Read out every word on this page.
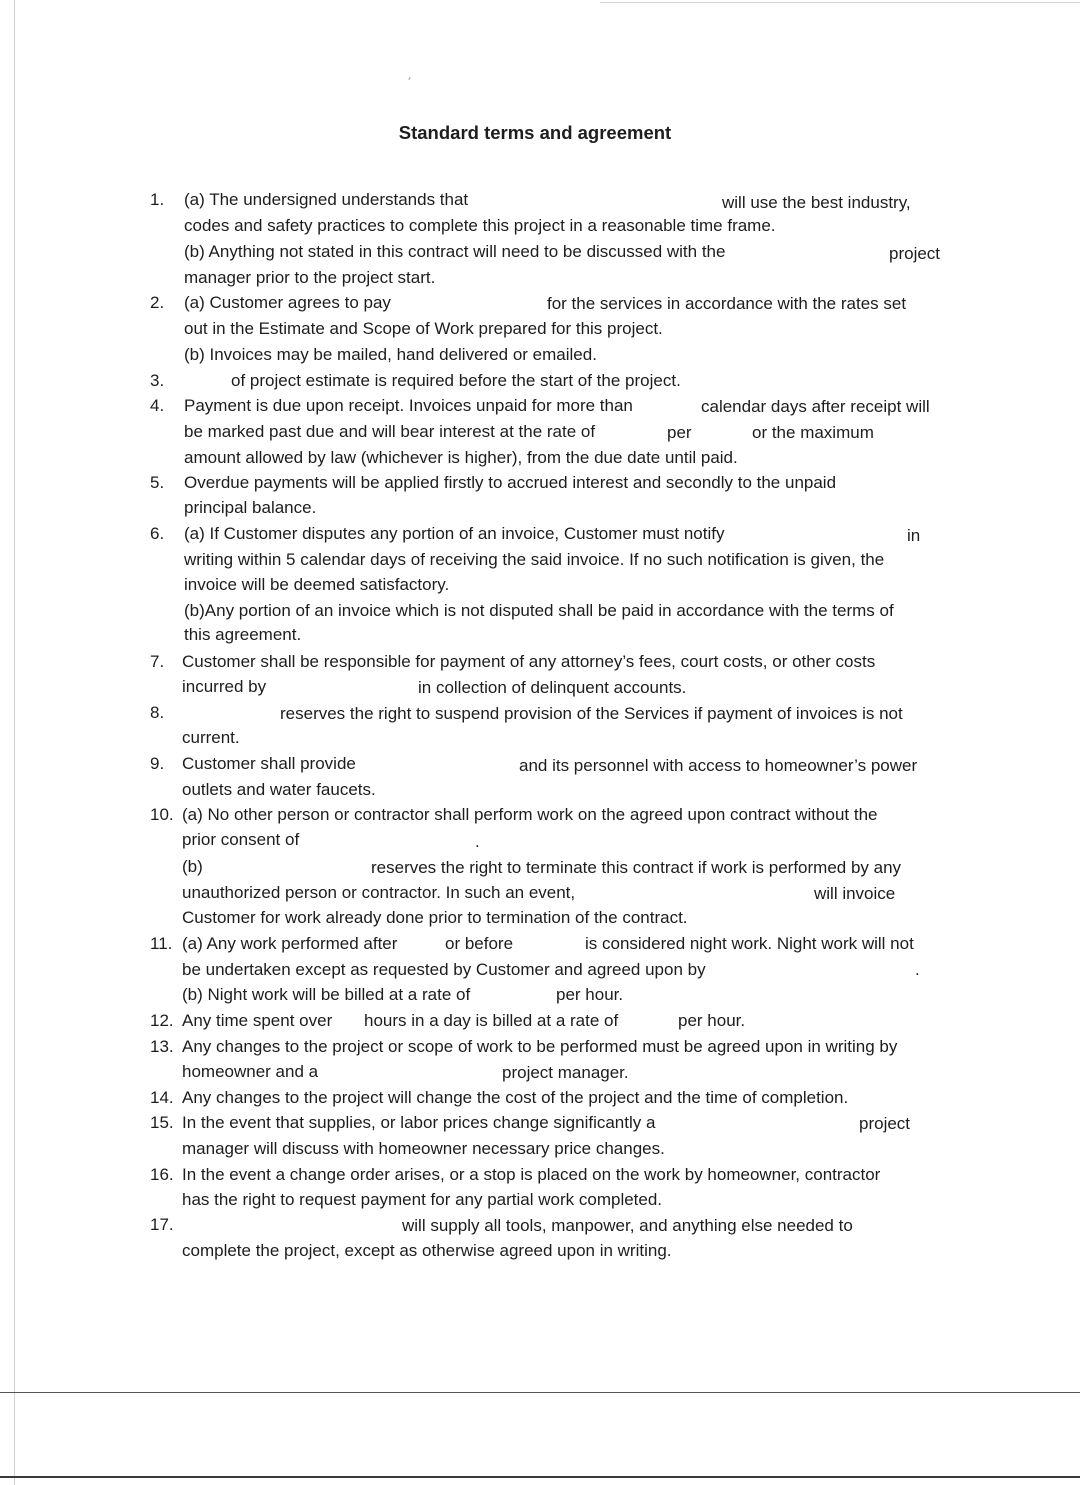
Standard terms and agreement
1. (a) The undersigned understands that	will use the best industry,
codes and safety practices to complete this project in a reasonable time frame.
(b) Anything not stated in this contract will need to be discussed with the	project
manager prior to the project start.
2. (a) Customer agrees to pay	for the services in accordance with the rates set
out in the Estimate and Scope of Work prepared for this project.
(b) Invoices may be mailed, hand delivered or emailed.
3.	of project estimate is required before the start of the project.
4. Payment is due upon receipt. Invoices unpaid for more than	calendar days after receipt will
be marked past due and will bear interest at the rate of	per	or the maximum
amount allowed by law (whichever is higher), from the due date until paid.
5. Overdue payments will be applied firstly to accrued interest and secondly to the unpaid
principal balance.
6. (a) If Customer disputes any portion of an invoice, Customer must notify	in
writing within 5 calendar days of receiving the said invoice. If no such notification is given, the
invoice will be deemed satisfactory.
(b)Any portion of an invoice which is not disputed shall be paid in accordance with the terms of
this agreement.
7. Customer shall be responsible for payment of any attorney’s fees, court costs, or other costs
incurred by	in collection of delinquent accounts.
8.	reserves the right to suspend provision of the Services if payment of invoices is not
current.
9. Customer shall provide	and its personnel with access to homeowner’s power
outlets and water faucets.
10. (a) No other person or contractor shall perform work on the agreed upon contract without the
prior consent of	.
(b)	reserves the right to terminate this contract if work is performed by any
unauthorized person or contractor. In such an event,	will invoice
Customer for work already done prior to termination of the contract.
11. (a) Any work performed after	or before	is considered night work. Night work will not
be undertaken except as requested by Customer and agreed upon by	.
(b) Night work will be billed at a rate of	per hour.
12. Any time spent over hours in a day is billed at a rate of	per hour.
13. Any changes to the project or scope of work to be performed must be agreed upon in writing by
homeowner and a	project manager.
14. Any changes to the project will change the cost of the project and the time of completion.
15. In the event that supplies, or labor prices change significantly a	project
manager will discuss with homeowner necessary price changes.
16. In the event a change order arises, or a stop is placed on the work by homeowner, contractor
has the right to request payment for any partial work completed.
17.	will supply all tools, manpower, and anything else needed to
complete the project, except as otherwise agreed upon in writing.
